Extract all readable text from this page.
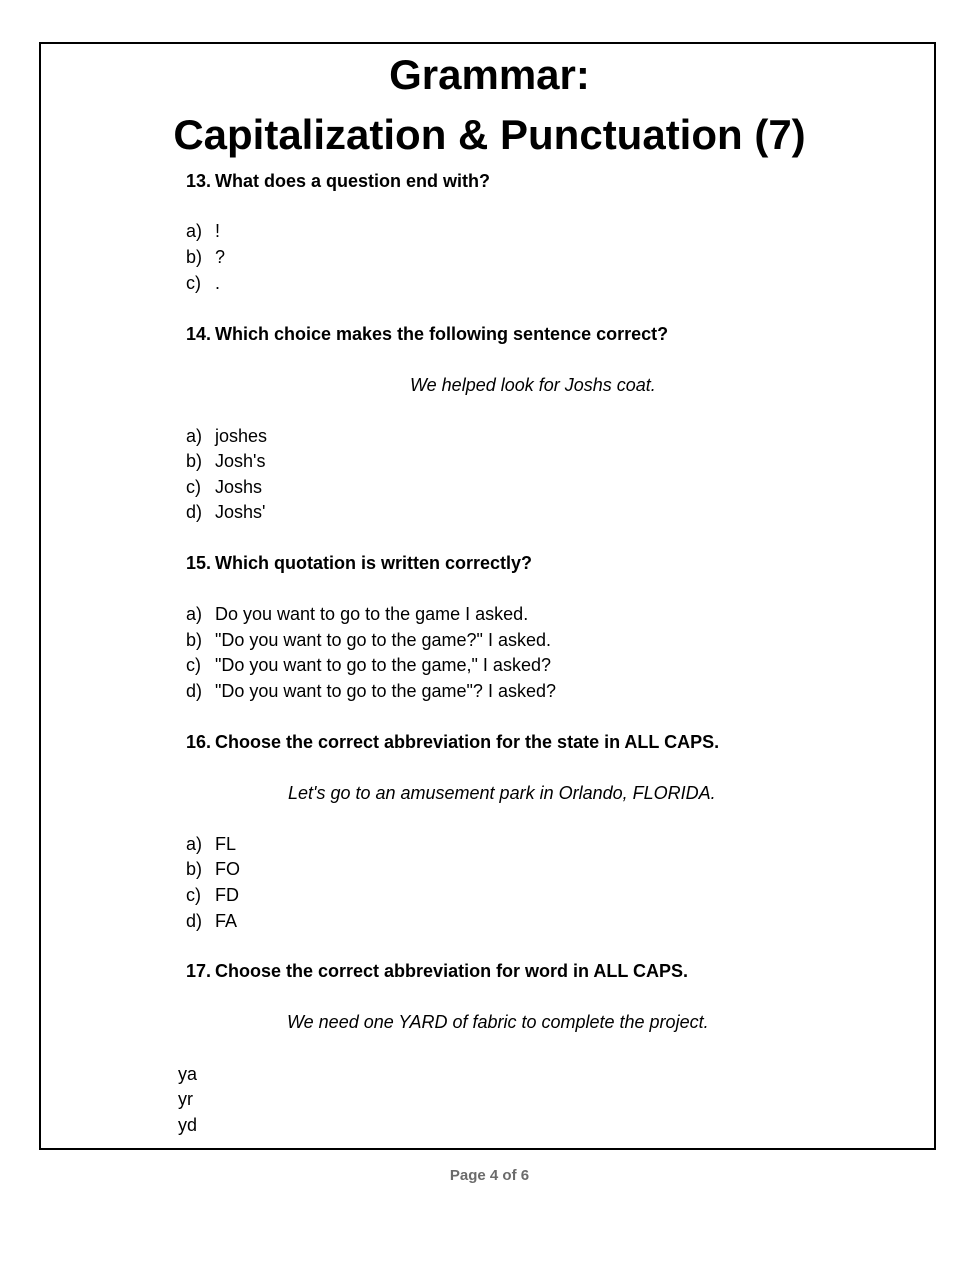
Grammar:
Capitalization & Punctuation (7)
13. What does a question end with?
a) !
b) ?
c) .
14. Which choice makes the following sentence correct?
We helped look for Joshs coat.
a) joshes
b) Josh's
c) Joshs
d) Joshs'
15. Which quotation is written correctly?
a) Do you want to go to the game I asked.
b) "Do you want to go to the game?" I asked.
c) "Do you want to go to the game," I asked?
d) "Do you want to go to the game"? I asked?
16. Choose the correct abbreviation for the state in ALL CAPS.
Let's go to an amusement park in Orlando, FLORIDA.
a) FL
b) FO
c) FD
d) FA
17. Choose the correct abbreviation for word in ALL CAPS.
We need one YARD of fabric to complete the project.
ya
yr
yd
Page 4 of 6
